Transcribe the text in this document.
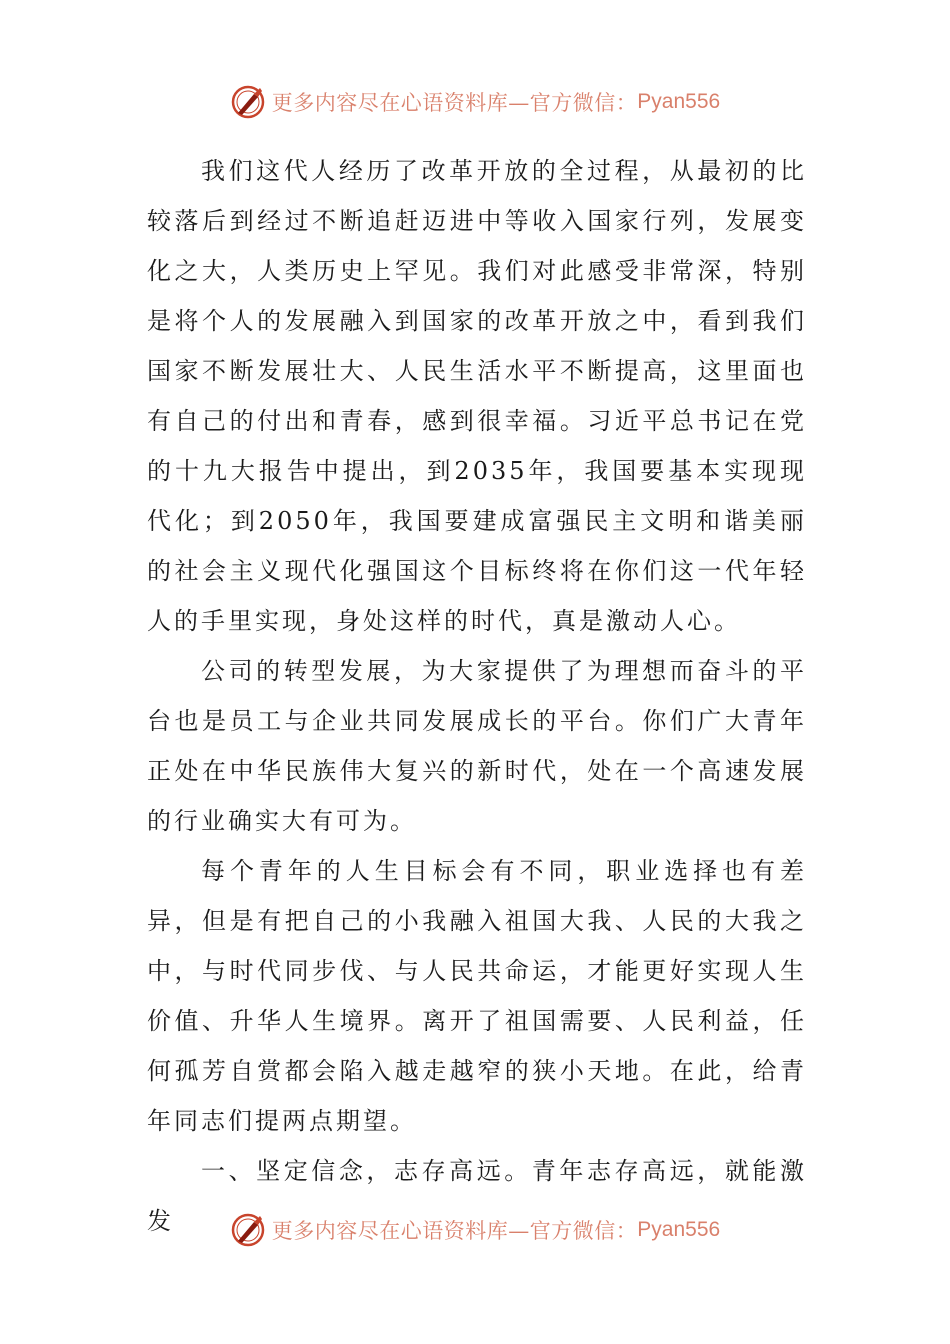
更多内容尽在心语资料库—官方微信： Pyan556

我们这代人经历了改革开放的全过程，从最初的比较落后到经过不断追赶迈进中等收入国家行列，发展变化之大，人类历史上罕见。我们对此感受非常深，特别是将个人的发展融入到国家的改革开放之中，看到我们国家不断发展壮大、人民生活水平不断提高，这里面也有自己的付出和青春，感到很幸福。习近平总书记在党的十九大报告中提出，到2035年，我国要基本实现现代化；到2050年，我国要建成富强民主文明和谐美丽的社会主义现代化强国这个目标终将在你们这一代年轻人的手里实现，身处这样的时代，真是激动人心。

公司的转型发展，为大家提供了为理想而奋斗的平台也是员工与企业共同发展成长的平台。你们广大青年正处在中华民族伟大复兴的新时代，处在一个高速发展的行业确实大有可为。

每个青年的人生目标会有不同，职业选择也有差异，但是有把自己的小我融入祖国大我、人民的大我之中，与时代同步伐、与人民共命运，才能更好实现人生价值、升华人生境界。离开了祖国需要、人民利益，任何孤芳自赏都会陷入越走越窄的狭小天地。在此，给青年同志们提两点期望。

一、坚定信念，志存高远。青年志存高远，就能激发	更多内容尽在心语资料库—官方微信： Pyan556
